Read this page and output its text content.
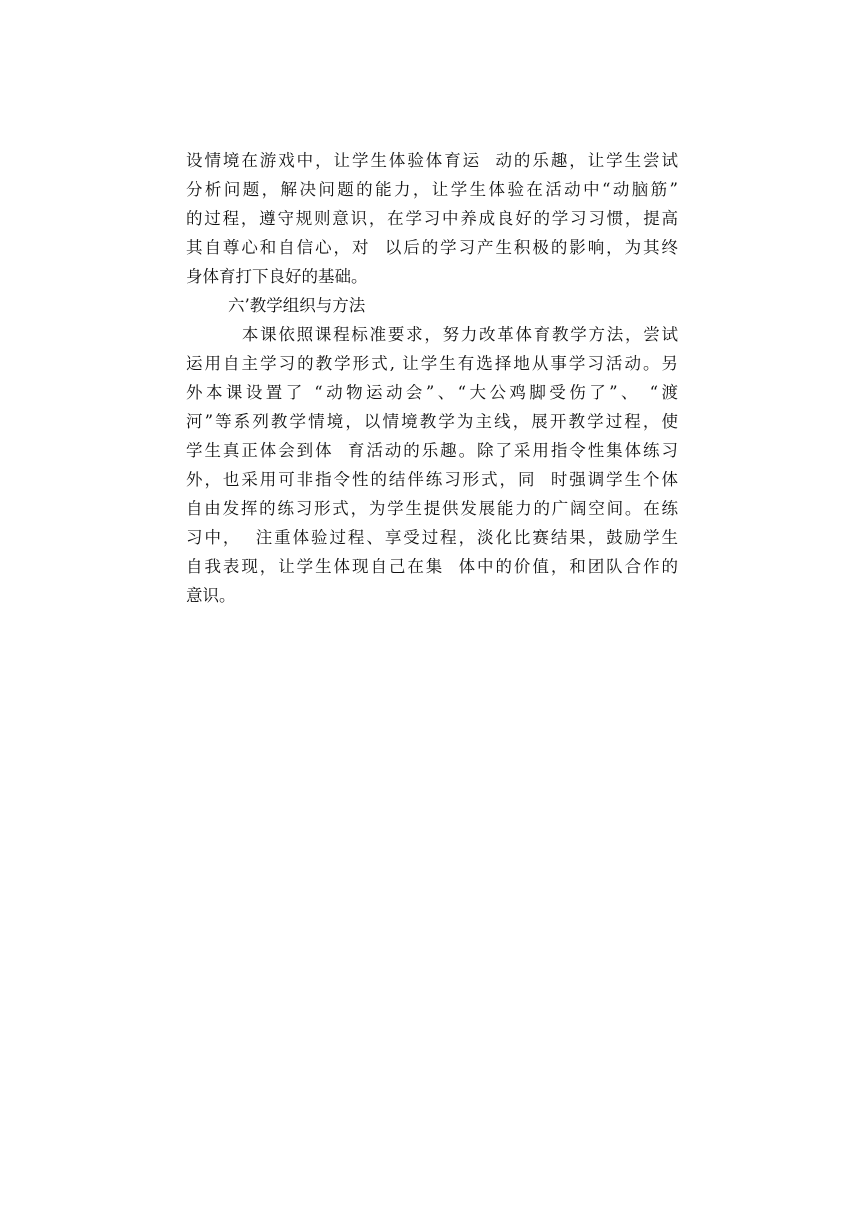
设情境在游戏中，让学生体验体育运  动的乐趣，让学生尝试
分析问题，解决问题的能力，让学生体验在活动中“动脑筋”
的过程，遵守规则意识，在学习中养成良好的学习习惯，提高
其自尊心和自信心，对  以后的学习产生积极的影响，为其终
身体育打下良好的基础。
六’教学组织与方法
本课依照课程标准要求，努力改革体育教学方法，尝试
运用自主学习的教学形式, 让学生有选择地从事学习活动。另
外本课设置了 “动物运动会”、“大公鸡脚受伤了”、 “渡
河”等系列教学情境，以情境教学为主线，展开教学过程，使
学生真正体会到体  育活动的乐趣。除了采用指令性集体练习
外，也采用可非指令性的结伴练习形式，同  时强调学生个体
自由发挥的练习形式，为学生提供发展能力的广阔空间。在练
习中，  注重体验过程、享受过程，淡化比赛结果，鼓励学生
自我表现，让学生体现自己在集  体中的价值，和团队合作的
意识。
